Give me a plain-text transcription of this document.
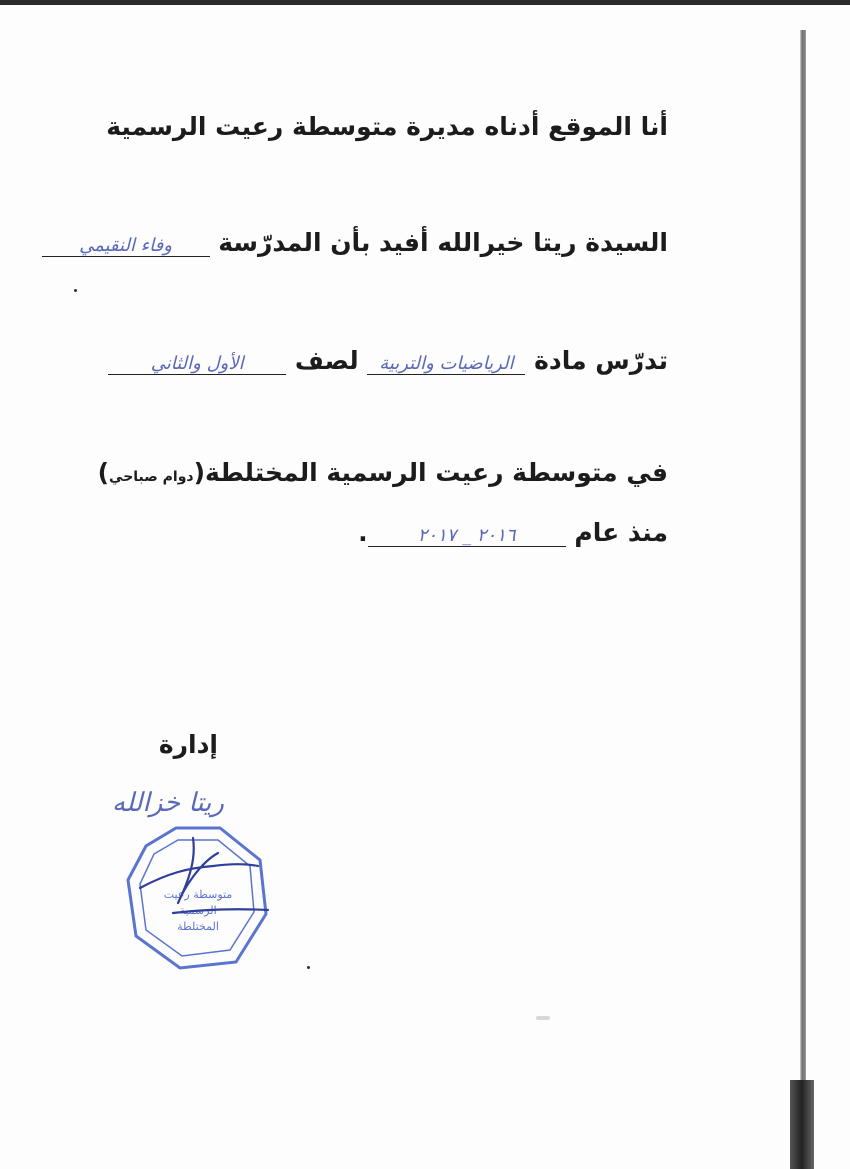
أنا الموقع أدناه مديرة متوسطة رعيت الرسمية
السيدة ريتا خيرالله أفيد بأن المدرّسة وفاء النقيمي
تدرّس مادة الرياضيات والتربية لصف الأول والثاني
في متوسطة رعيت الرسمية المختلطة(دوام صباحي)
منذ عام ٢٠١٦ _ ٢٠١٧.
إدارة
ريتا خزالله
متوسطة رعيت
الرسمية
المختلطة
